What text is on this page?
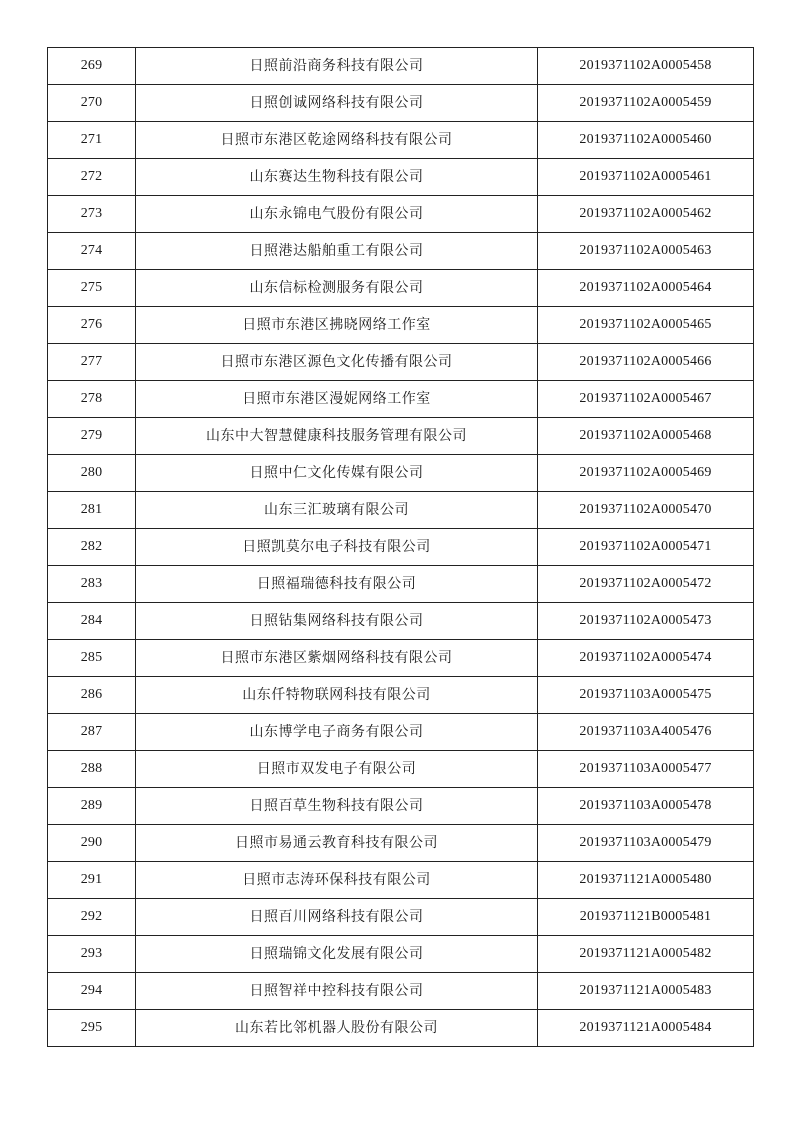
269	日照前沿商务科技有限公司	2019371102A0005458
270	日照创诚网络科技有限公司	2019371102A0005459
271	日照市东港区乾途网络科技有限公司	2019371102A0005460
272	山东赛达生物科技有限公司	2019371102A0005461
273	山东永锦电气股份有限公司	2019371102A0005462
274	日照港达船舶重工有限公司	2019371102A0005463
275	山东信标检测服务有限公司	2019371102A0005464
276	日照市东港区拂晓网络工作室	2019371102A0005465
277	日照市东港区源色文化传播有限公司	2019371102A0005466
278	日照市东港区漫妮网络工作室	2019371102A0005467
279	山东中大智慧健康科技服务管理有限公司	2019371102A0005468
280	日照中仁文化传媒有限公司	2019371102A0005469
281	山东三汇玻璃有限公司	2019371102A0005470
282	日照凯莫尔电子科技有限公司	2019371102A0005471
283	日照福瑞德科技有限公司	2019371102A0005472
284	日照钻集网络科技有限公司	2019371102A0005473
285	日照市东港区紫烟网络科技有限公司	2019371102A0005474
286	山东仟特物联网科技有限公司	2019371103A0005475
287	山东博学电子商务有限公司	2019371103A4005476
288	日照市双发电子有限公司	2019371103A0005477
289	日照百草生物科技有限公司	2019371103A0005478
290	日照市易通云教育科技有限公司	2019371103A0005479
291	日照市志涛环保科技有限公司	2019371121A0005480
292	日照百川网络科技有限公司	2019371121B0005481
293	日照瑞锦文化发展有限公司	2019371121A0005482
294	日照智祥中控科技有限公司	2019371121A0005483
295	山东若比邻机器人股份有限公司	2019371121A0005484
